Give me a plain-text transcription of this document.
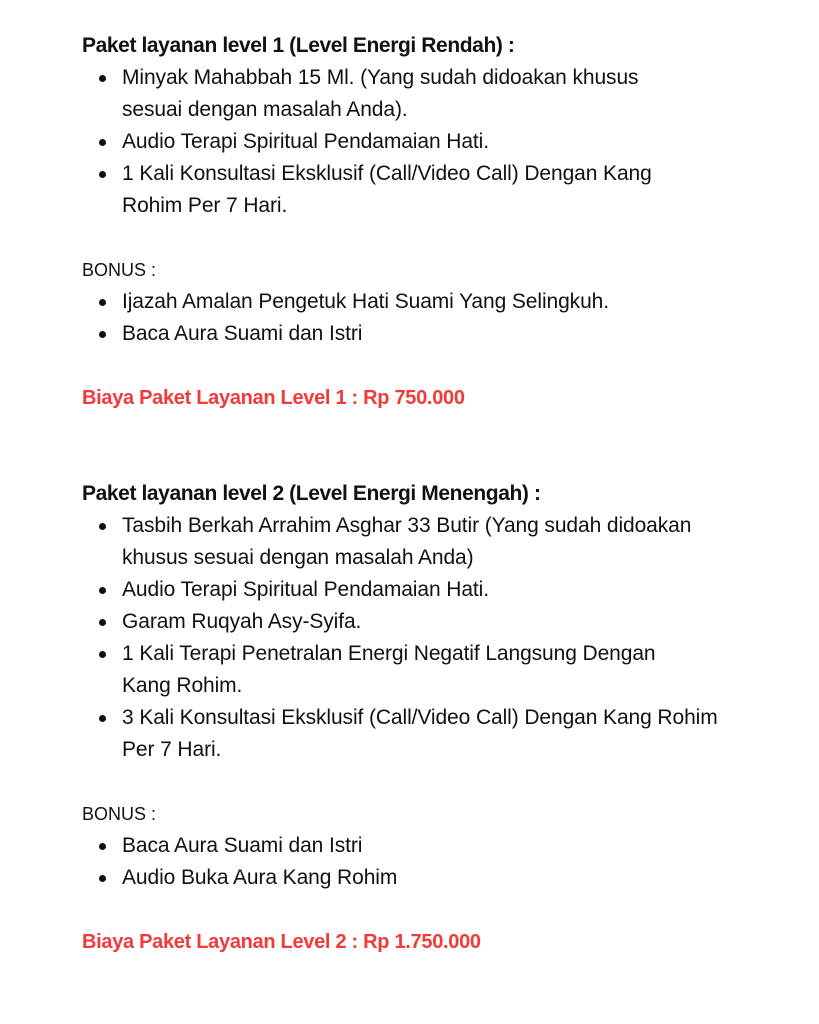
Paket layanan level 1 (Level Energi Rendah) :

Minyak Mahabbah 15 Ml. (Yang sudah didoakan khusus sesuai dengan masalah Anda).
Audio Terapi Spiritual Pendamaian Hati.
1 Kali Konsultasi Eksklusif (Call/Video Call) Dengan Kang Rohim Per 7 Hari.

BONUS :

Ijazah Amalan Pengetuk Hati Suami Yang Selingkuh.
Baca Aura Suami dan Istri

Biaya Paket Layanan Level 1 : Rp 750.000

Paket layanan level 2 (Level Energi Menengah) :

Tasbih Berkah Arrahim Asghar 33 Butir (Yang sudah didoakan khusus sesuai dengan masalah Anda)
Audio Terapi Spiritual Pendamaian Hati.
Garam Ruqyah Asy-Syifa.
1 Kali Terapi Penetralan Energi Negatif Langsung Dengan Kang Rohim.
3 Kali Konsultasi Eksklusif (Call/Video Call) Dengan Kang Rohim Per 7 Hari.

BONUS :

Baca Aura Suami dan Istri
Audio Buka Aura Kang Rohim

Biaya Paket Layanan Level 2 : Rp 1.750.000
